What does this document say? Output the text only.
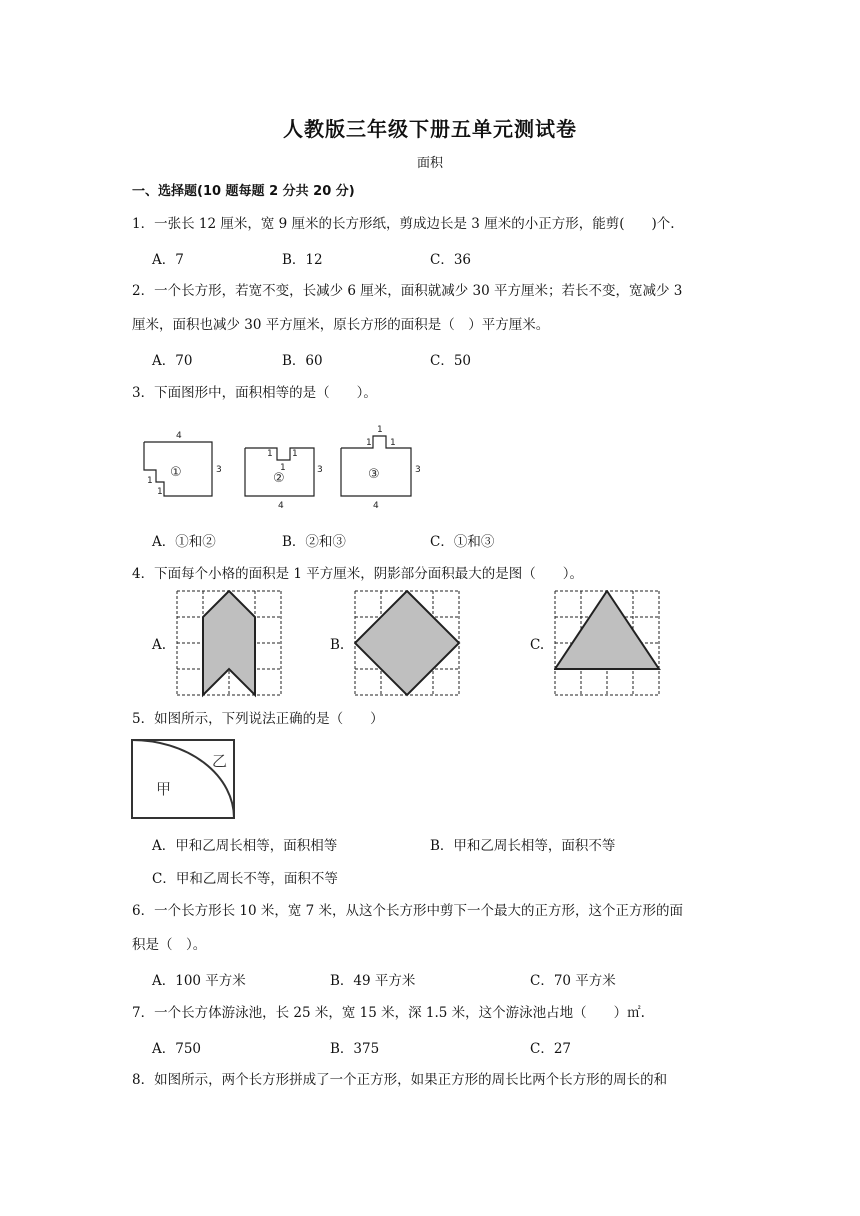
人教版三年级下册五单元测试卷
面积
一、选择题(10 题每题 2 分共 20 分)
1．一张长 12 厘米，宽 9 厘米的长方形纸，剪成边长是 3 厘米的小正方形，能剪(　　)个.
A．7	B．12	C．36
2．一个长方形，若宽不变，长减少 6 厘米，面积就减少 30 平方厘米；若长不变，宽减少 3
厘米，面积也减少 30 平方厘米，原长方形的面积是（　）平方厘米。
A．70	B．60	C．50
3．下面图形中，面积相等的是（　　）。
4
3
1
1
1
1
1
3
4
1
1
1
3
4
①	②	③
A．①和②	B．②和③	C．①和③
4．下面每个小格的面积是 1 平方厘米，阴影部分面积最大的是图（　　）。
A.	B.	C.
5．如图所示，下列说法正确的是（　　）
乙
甲
A．甲和乙周长相等，面积相等	B．甲和乙周长相等，面积不等
C．甲和乙周长不等，面积不等
6．一个长方形长 10 米，宽 7 米，从这个长方形中剪下一个最大的正方形，这个正方形的面
积是（　）。
A．100 平方米	B．49 平方米	C．70 平方米
7．一个长方体游泳池，长 25 米，宽 15 米，深 1.5 米，这个游泳池占地（　　）㎡.
A．750	B．375	C．27
8．如图所示，两个长方形拼成了一个正方形，如果正方形的周长比两个长方形的周长的和
